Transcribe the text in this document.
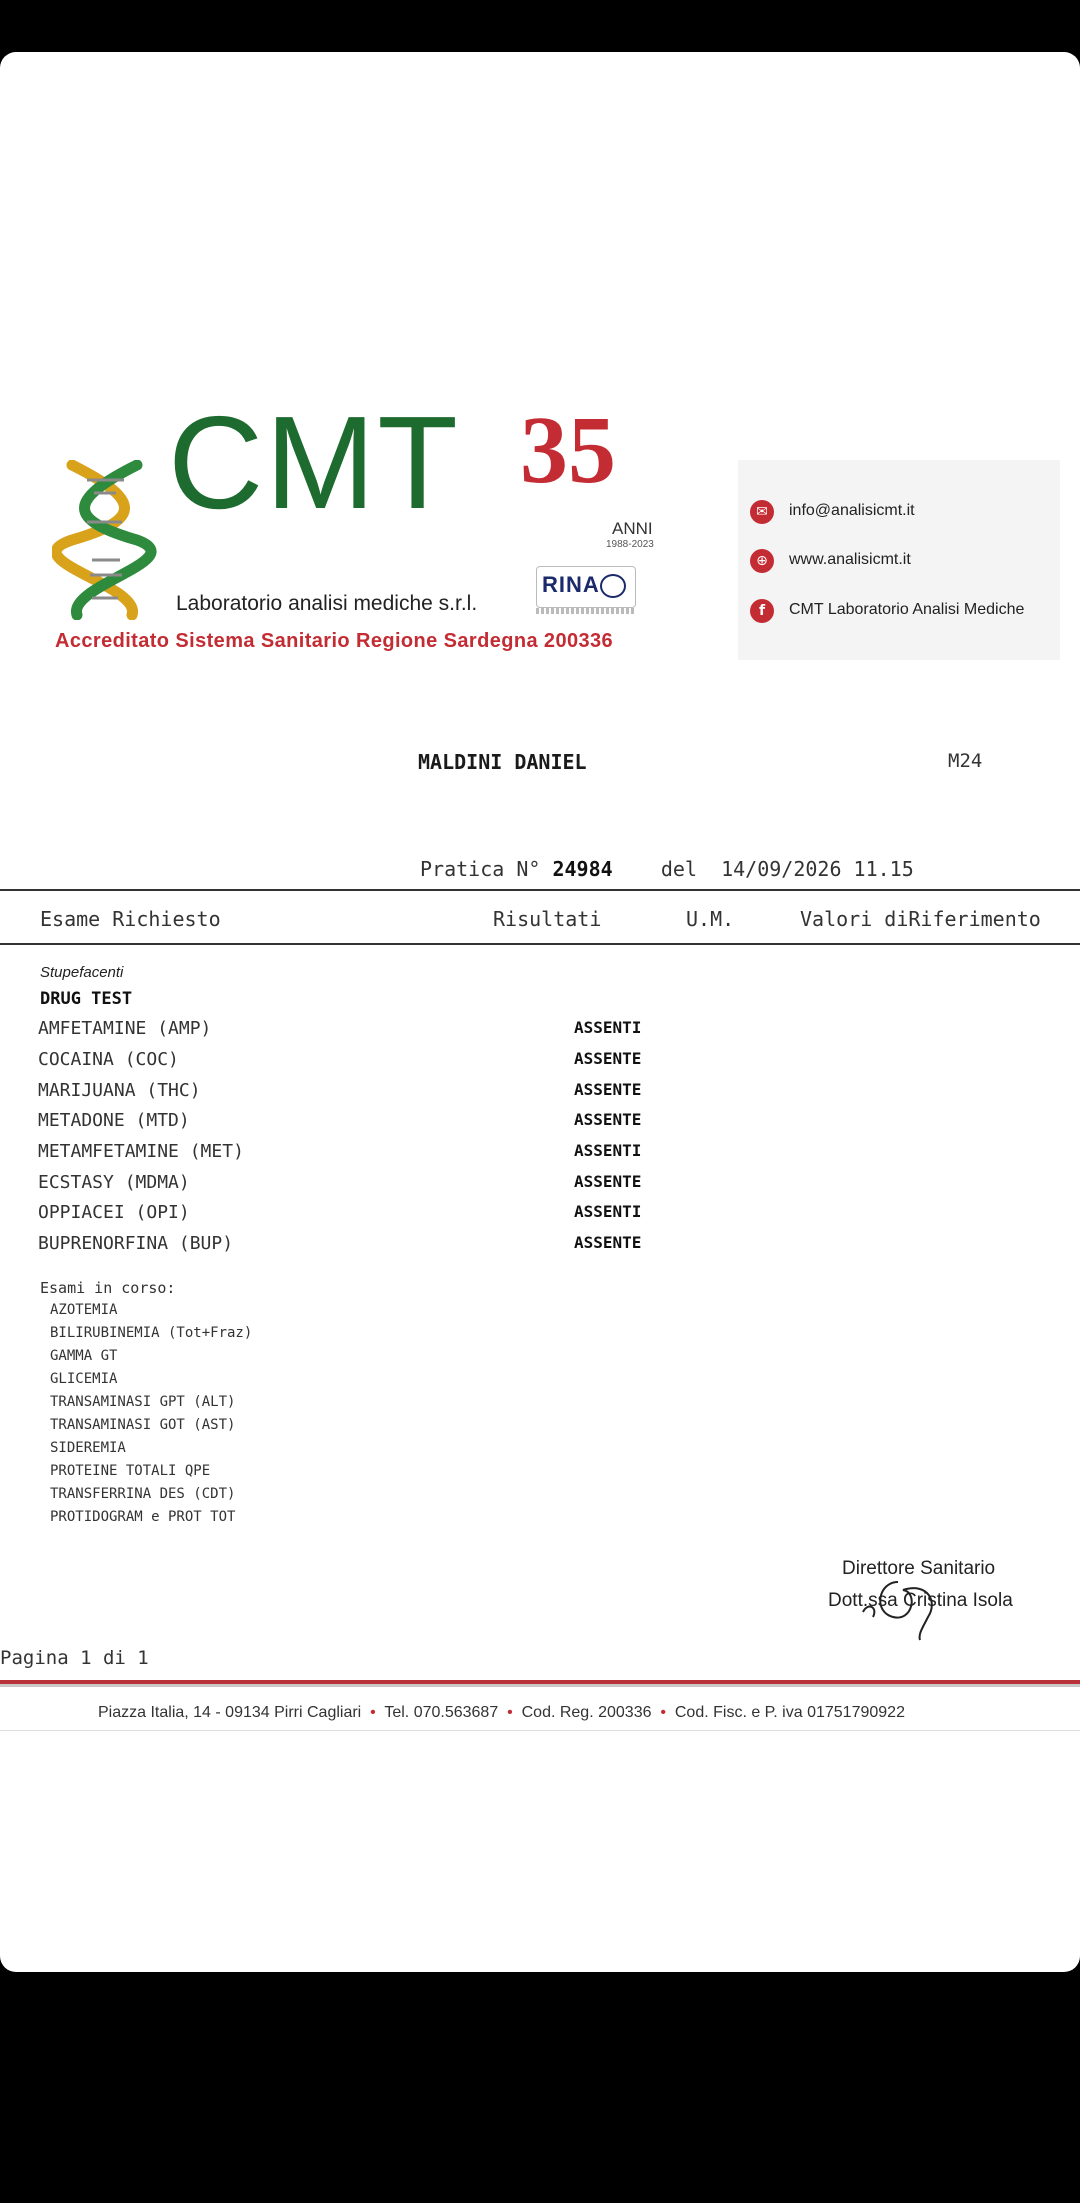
CMT 35
ANNI
1988-2023
Laboratorio analisi mediche s.r.l.
RINA
Accreditato Sistema Sanitario Regione Sardegna 200336
✉	info@analisicmt.it
⊕	www.analisicmt.it
f	CMT Laboratorio Analisi Mediche
MALDINI DANIEL	M24
Pratica N° 24984 del 14/09/2026 11.15
Esame Richiesto	Risultati	U.M.	Valori diRiferimento
Stupefacenti
DRUG TEST
AMFETAMINE (AMP)	ASSENTI
COCAINA (COC)	ASSENTE
MARIJUANA (THC)	ASSENTE
METADONE (MTD)	ASSENTE
METAMFETAMINE (MET)	ASSENTI
ECSTASY (MDMA)	ASSENTE
OPPIACEI (OPI)	ASSENTI
BUPRENORFINA (BUP)	ASSENTE
Esami in corso:
AZOTEMIA
BILIRUBINEMIA (Tot+Fraz)
GAMMA GT
GLICEMIA
TRANSAMINASI GPT (ALT)
TRANSAMINASI GOT (AST)
SIDEREMIA
PROTEINE TOTALI QPE
TRANSFERRINA DES (CDT)
PROTIDOGRAM e PROT TOT
Direttore Sanitario
Dott.ssa Cristina Isola
Pagina 1 di 1
Piazza Italia, 14 - 09134 Pirri Cagliari • Tel. 070.563687 • Cod. Reg. 200336 • Cod. Fisc. e P. iva 01751790922
